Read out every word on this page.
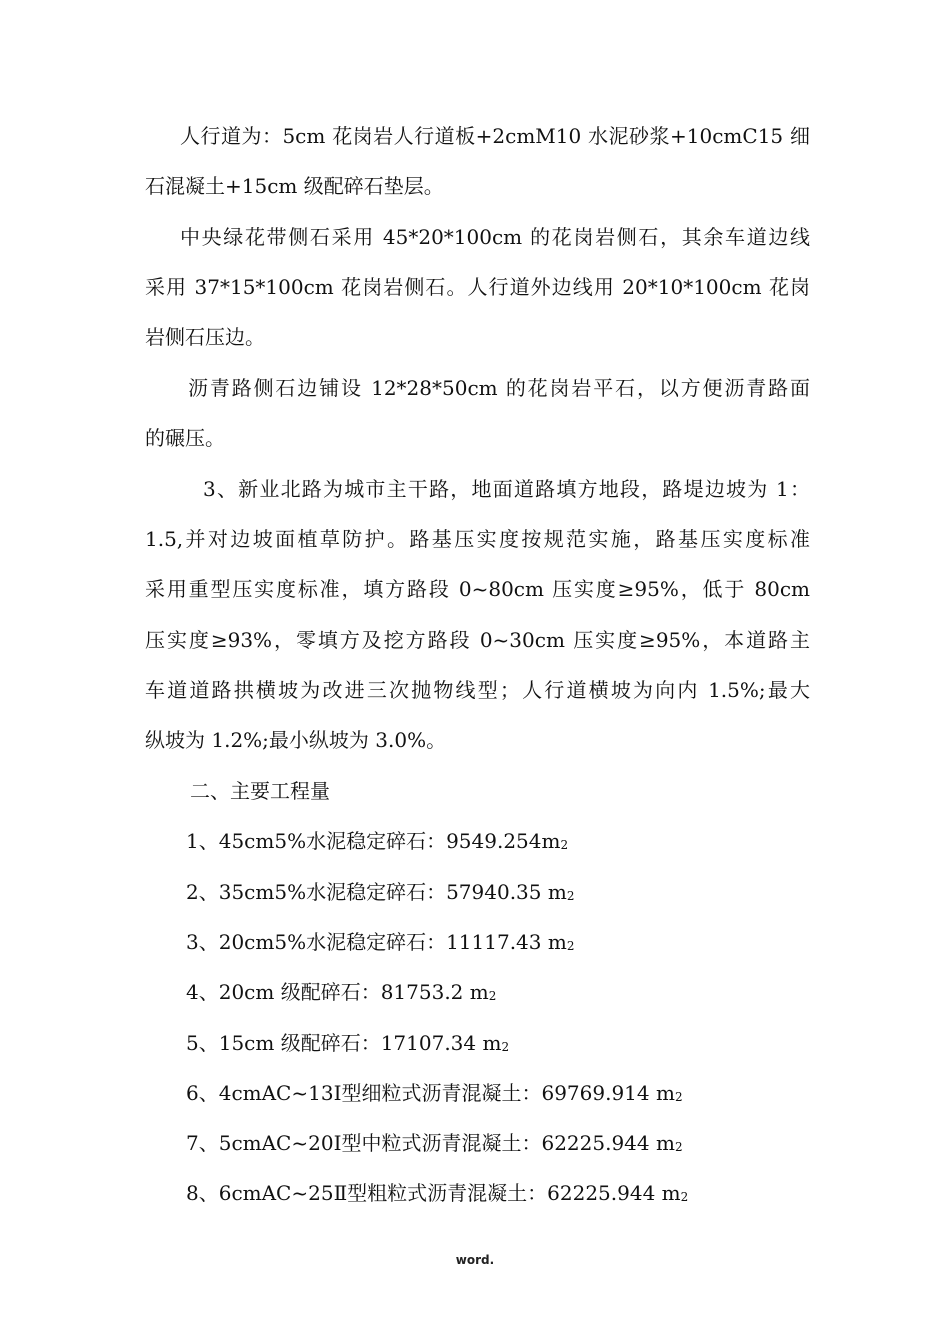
人行道为：5cm 花岗岩人行道板+2cmM10 水泥砂浆+10cmC15 细
石混凝土+15cm 级配碎石垫层。
中央绿花带侧石采用 45*20*100cm 的花岗岩侧石，其余车道边线
采用 37*15*100cm 花岗岩侧石。人行道外边线用 20*10*100cm 花岗
岩侧石压边。
沥青路侧石边铺设 12*28*50cm 的花岗岩平石，以方便沥青路面
的碾压。
3、新业北路为城市主干路，地面道路填方地段，路堤边坡为 1：
1.5,并对边坡面植草防护。路基压实度按规范实施，路基压实度标准
采用重型压实度标准，填方路段 0~80cm 压实度≥95%，低于 80cm
压实度≥93%，零填方及挖方路段 0~30cm 压实度≥95%，本道路主
车道道路拱横坡为改进三次抛物线型；人行道横坡为向内 1.5%;最大
纵坡为 1.2%;最小纵坡为 3.0%。
二、主要工程量
1、45cm5%水泥稳定碎石：$9549.254m^2$
2、35cm5%水泥稳定碎石：57940.35 $m^2$
3、20cm5%水泥稳定碎石：11117.43 $m^2$
4、20cm 级配碎石：81753.2 $m^2$
5、15cm 级配碎石：17107.34 $m^2$
6、4cmAC~13Ⅰ型细粒式沥青混凝土：69769.914 $m^2$
7、5cmAC~20Ⅰ型中粒式沥青混凝土：62225.944 $m^2$
8、6cmAC~25Ⅱ型粗粒式沥青混凝土：62225.944 $m^2$
word.
